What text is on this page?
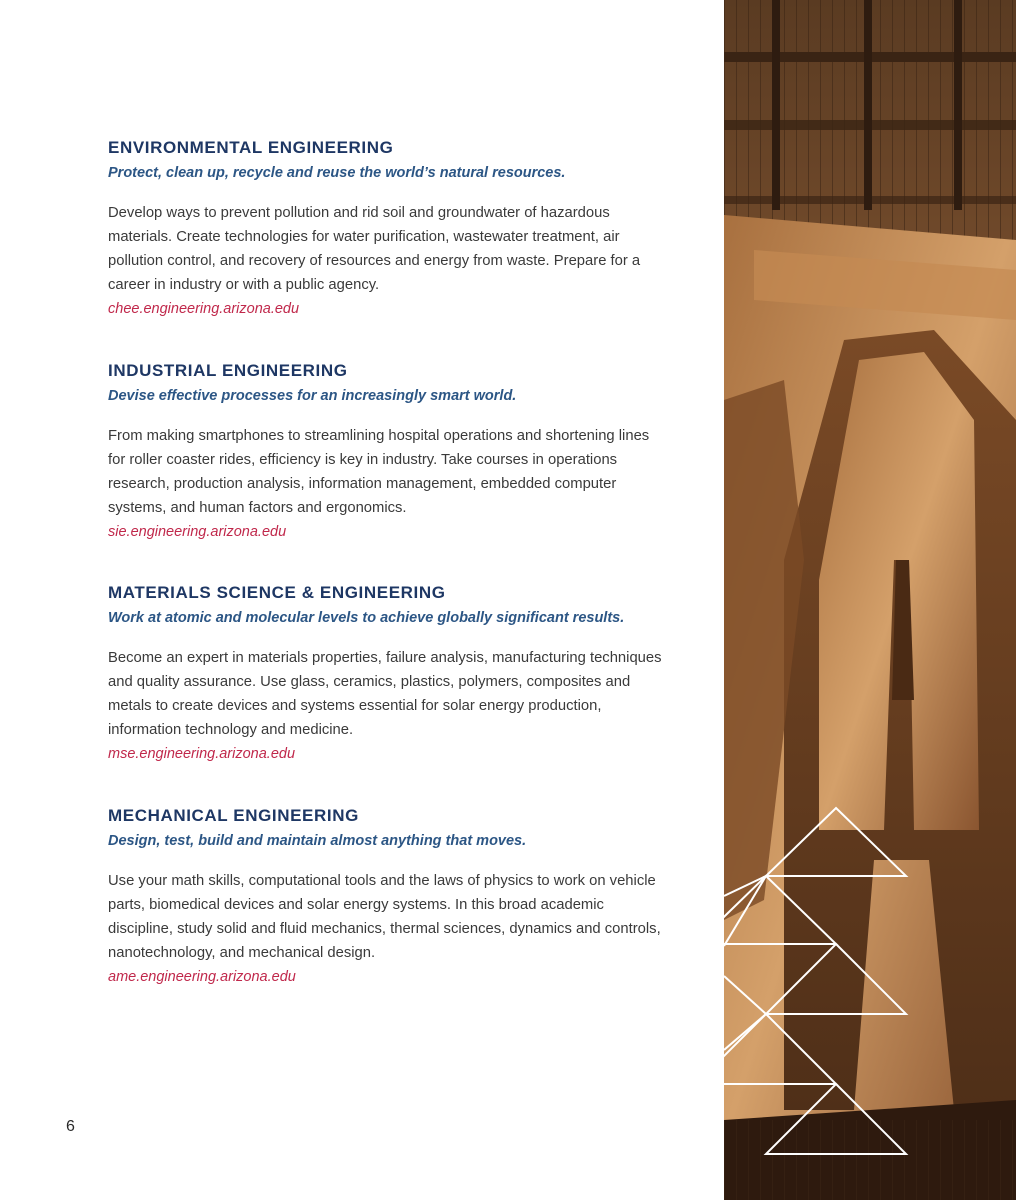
ENVIRONMENTAL ENGINEERING

Protect, clean up, recycle and reuse the world’s natural resources.

Develop ways to prevent pollution and rid soil and groundwater of hazardous materials. Create technologies for water purification, wastewater treatment, air pollution control, and recovery of resources and energy from waste. Prepare for a career in industry or with a public agency.

chee.engineering.arizona.edu
INDUSTRIAL ENGINEERING

Devise effective processes for an increasingly smart world.

From making smartphones to streamlining hospital operations and shortening lines for roller coaster rides, efficiency is key in industry. Take courses in operations research, production analysis, information management, embedded computer systems, and human factors and ergonomics.

sie.engineering.arizona.edu
MATERIALS SCIENCE & ENGINEERING

Work at atomic and molecular levels to achieve globally significant results.

Become an expert in materials properties, failure analysis, manufacturing techniques and quality assurance. Use glass, ceramics, plastics, polymers, composites and metals to create devices and systems essential for solar energy production, information technology and medicine.

mse.engineering.arizona.edu
MECHANICAL ENGINEERING

Design, test, build and maintain almost anything that moves.

Use your math skills, computational tools and the laws of physics to work on vehicle parts, biomedical devices and solar energy systems. In this broad academic discipline, study solid and fluid mechanics, thermal sciences, dynamics and controls, nanotechnology, and mechanical design.

ame.engineering.arizona.edu
6
